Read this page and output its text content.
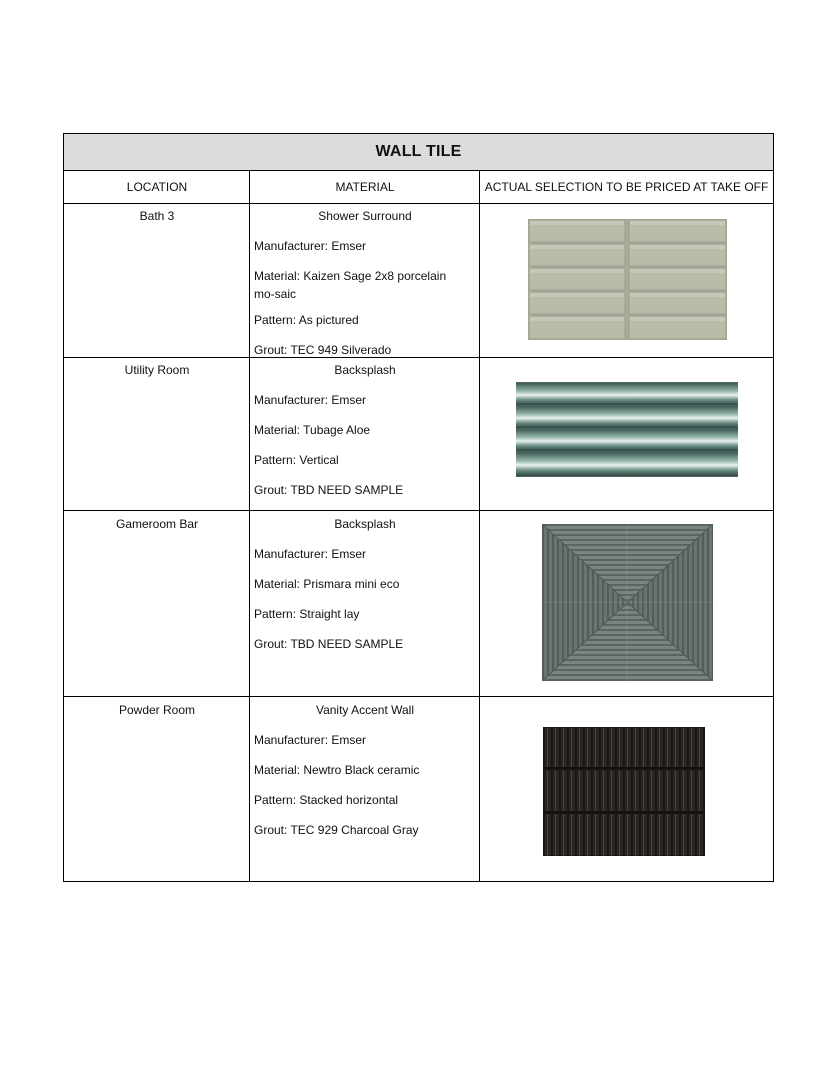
WALL TILE
LOCATION	MATERIAL	ACTUAL SELECTION TO BE PRICED AT TAKE OFF
Bath 3	Shower Surround
Manufacturer: Emser
Material: Kaizen Sage 2x8 porcelain mo-saic
Pattern: As pictured
Grout: TEC 949 Silverado
Utility Room	Backsplash
Manufacturer: Emser
Material: Tubage Aloe
Pattern: Vertical
Grout: TBD NEED SAMPLE
Gameroom Bar	Backsplash
Manufacturer: Emser
Material: Prismara mini eco
Pattern: Straight lay
Grout: TBD NEED SAMPLE
Powder Room	Vanity Accent Wall
Manufacturer: Emser
Material: Newtro Black ceramic
Pattern: Stacked horizontal
Grout: TEC 929 Charcoal Gray
